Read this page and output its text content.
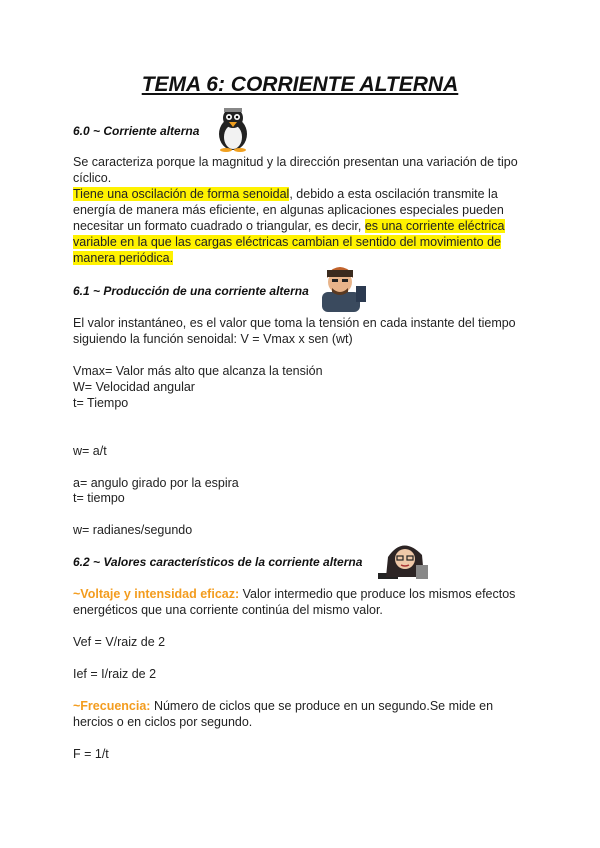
TEMA 6: CORRIENTE ALTERNA
6.0 ~ Corriente alterna
Se caracteriza porque la magnitud y la dirección presentan una variación de tipo cíclico.
Tiene una oscilación de forma senoidal, debido a esta oscilación transmite la energía de manera más eficiente, en algunas aplicaciones especiales pueden necesitar un formato cuadrado o triangular, es decir, es una corriente eléctrica variable en la que las cargas eléctricas cambian el sentido del movimiento de manera periódica.
6.1 ~ Producción de una corriente alterna
El valor instantáneo, es el valor que toma la tensión en cada instante del tiempo siguiendo la función senoidal: V = Vmax x sen (wt)
Vmax= Valor más alto que alcanza la tensión
W= Velocidad angular
t= Tiempo
w= a/t
a= angulo girado por la espira
t= tiempo
w= radianes/segundo
6.2 ~ Valores característicos de la corriente alterna
~Voltaje y intensidad eficaz: Valor intermedio que produce los mismos efectos energéticos que una corriente continúa del mismo valor.
Vef = V/raiz de 2
Ief = I/raiz de 2
~Frecuencia: Número de ciclos que se produce en un segundo.Se mide en hercios o en ciclos por segundo.
F = 1/t
